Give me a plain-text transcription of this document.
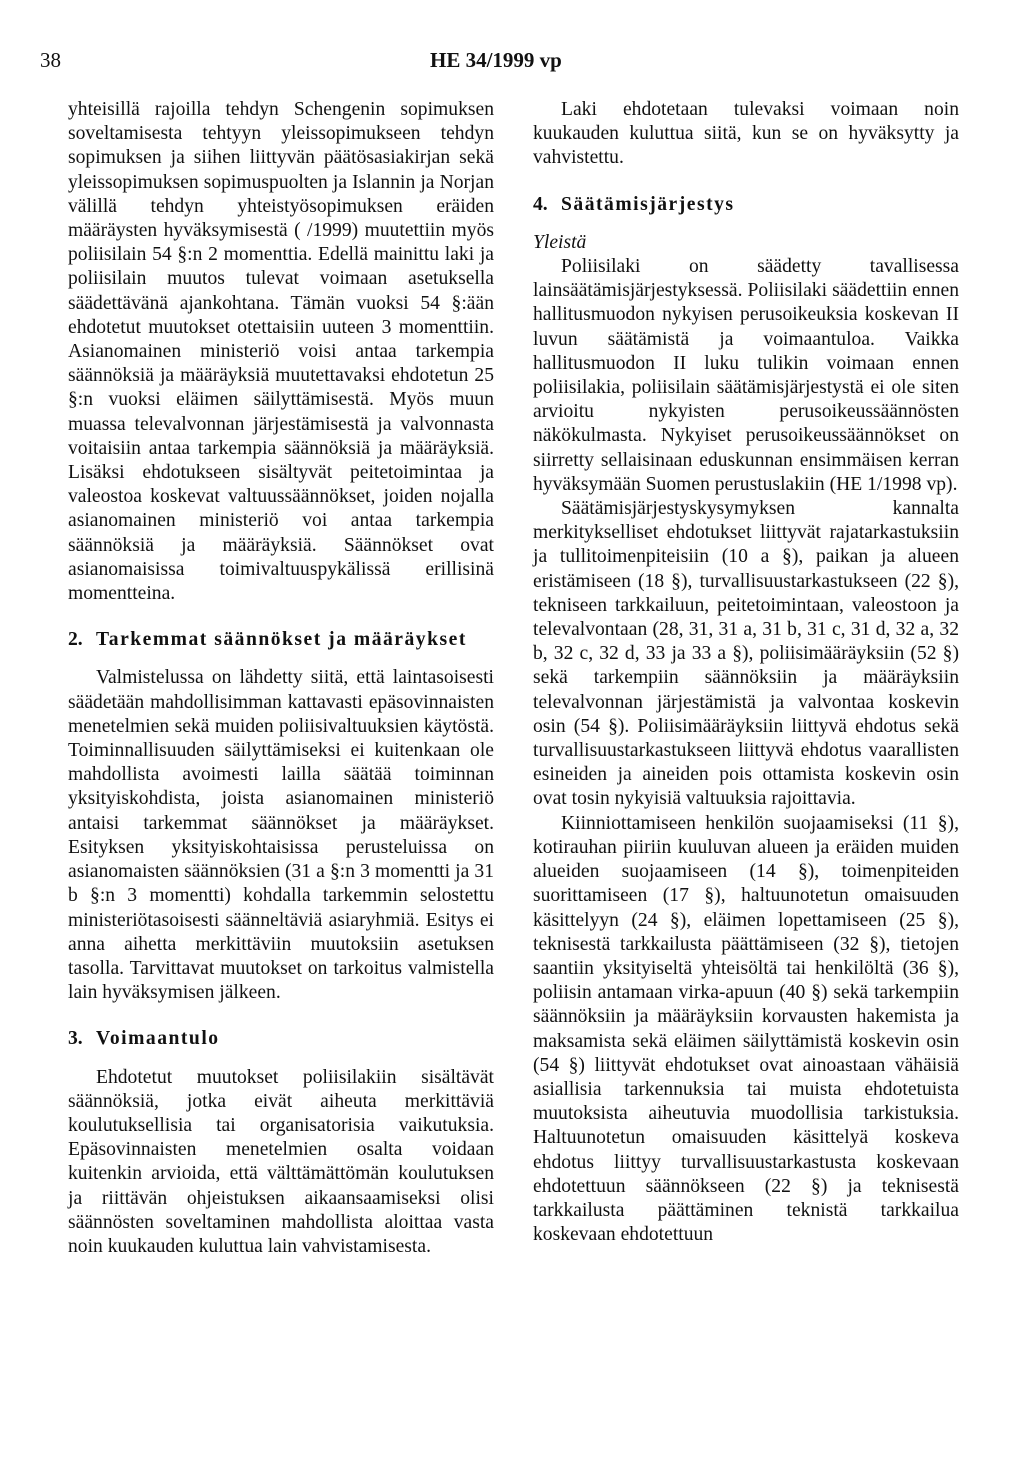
38	HE 34/1999 vp

yhteisillä rajoilla tehdyn Schengenin sopimuksen soveltamisesta tehtyyn yleissopimukseen tehdyn sopimuksen ja siihen liittyvän päätösasiakirjan sekä yleissopimuksen sopimuspuolten ja Islannin ja Norjan välillä tehdyn yhteistyösopimuksen eräiden määräysten hyväksymisestä ( /1999) muutettiin myös poliisilain 54 §:n 2 momenttia. Edellä mainittu laki ja poliisilain muutos tulevat voimaan asetuksella säädettävänä ajankohtana. Tämän vuoksi 54 §:ään ehdotetut muutokset otettaisiin uuteen 3 momenttiin. Asianomainen ministeriö voisi antaa tarkempia säännöksiä ja määräyksiä muutettavaksi ehdotetun 25 §:n vuoksi eläimen säilyttämisestä. Myös muun muassa televalvonnan järjestämisestä ja valvonnasta voitaisiin antaa tarkempia säännöksiä ja määräyksiä. Lisäksi ehdotukseen sisältyvät peitetoimintaa ja valeostoa koskevat valtuussäännökset, joiden nojalla asianomainen ministeriö voi antaa tarkempia säännöksiä ja määräyksiä. Säännökset ovat asianomaisissa toimivaltuuspykälissä erillisinä momentteina.

2. Tarkemmat säännökset ja määräykset

Valmistelussa on lähdetty siitä, että laintasoisesti säädetään mahdollisimman kattavasti epäsovinnaisten menetelmien sekä muiden poliisivaltuuksien käytöstä. Toiminnallisuuden säilyttämiseksi ei kuitenkaan ole mahdollista avoimesti lailla säätää toiminnan yksityiskohdista, joista asianomainen ministeriö antaisi tarkemmat säännökset ja määräykset. Esityksen yksityiskohtaisissa perusteluissa on asianomaisten säännöksien (31 a §:n 3 momentti ja 31 b §:n 3 momentti) kohdalla tarkemmin selostettu ministeriötasoisesti säänneltäviä asiaryhmiä. Esitys ei anna aihetta merkittäviin muutoksiin asetuksen tasolla. Tarvittavat muutokset on tarkoitus valmistella lain hyväksymisen jälkeen.

3. Voimaantulo

Ehdotetut muutokset poliisilakiin sisältävät säännöksiä, jotka eivät aiheuta merkittäviä koulutuksellisia tai organisatorisia vaikutuksia. Epäsovinnaisten menetelmien osalta voidaan kuitenkin arvioida, että välttämättömän koulutuksen ja riittävän ohjeistuksen aikaansaamiseksi olisi säännösten soveltaminen mahdollista aloittaa vasta noin kuukauden kuluttua lain vahvistamisesta.

Laki ehdotetaan tulevaksi voimaan noin kuukauden kuluttua siitä, kun se on hyväksytty ja vahvistettu.

4. Säätämisjärjestys

Yleistä

Poliisilaki on säädetty tavallisessa lainsäätämisjärjestyksessä. Poliisilaki säädettiin ennen hallitusmuodon nykyisen perusoikeuksia koskevan II luvun säätämistä ja voimaantuloa. Vaikka hallitusmuodon II luku tulikin voimaan ennen poliisilakia, poliisilain säätämisjärjestystä ei ole siten arvioitu nykyisten perusoikeussäännösten näkökulmasta. Nykyiset perusoikeussäännökset on siirretty sellaisinaan eduskunnan ensimmäisen kerran hyväksymään Suomen perustuslakiin (HE 1/1998 vp).

Säätämisjärjestyskysymyksen kannalta merkitykselliset ehdotukset liittyvät rajatarkastuksiin ja tullitoimenpiteisiin (10 a §), paikan ja alueen eristämiseen (18 §), turvallisuustarkastukseen (22 §), tekniseen tarkkailuun, peitetoimintaan, valeostoon ja televalvontaan (28, 31, 31 a, 31 b, 31 c, 31 d, 32 a, 32 b, 32 c, 32 d, 33 ja 33 a §), poliisimääräyksiin (52 §) sekä tarkempiin säännöksiin ja määräyksiin televalvonnan järjestämistä ja valvontaa koskevin osin (54 §). Poliisimääräyksiin liittyvä ehdotus sekä turvallisuustarkastukseen liittyvä ehdotus vaarallisten esineiden ja aineiden pois ottamista koskevin osin ovat tosin nykyisiä valtuuksia rajoittavia.

Kiinniottamiseen henkilön suojaamiseksi (11 §), kotirauhan piiriin kuuluvan alueen ja eräiden muiden alueiden suojaamiseen (14 §), toimenpiteiden suorittamiseen (17 §), haltuunotetun omaisuuden käsittelyyn (24 §), eläimen lopettamiseen (25 §), teknisestä tarkkailusta päättämiseen (32 §), tietojen saantiin yksityiseltä yhteisöltä tai henkilöltä (36 §), poliisin antamaan virka-apuun (40 §) sekä tarkempiin säännöksiin ja määräyksiin korvausten hakemista ja maksamista sekä eläimen säilyttämistä koskevin osin (54 §) liittyvät ehdotukset ovat ainoastaan vähäisiä asiallisia tarkennuksia tai muista ehdotetuista muutoksista aiheutuvia muodollisia tarkistuksia. Haltuunotetun omaisuuden käsittelyä koskeva ehdotus liittyy turvallisuustarkastusta koskevaan ehdotettuun säännökseen (22 §) ja teknisestä tarkkailusta päättäminen teknistä tarkkailua koskevaan ehdotettuun
